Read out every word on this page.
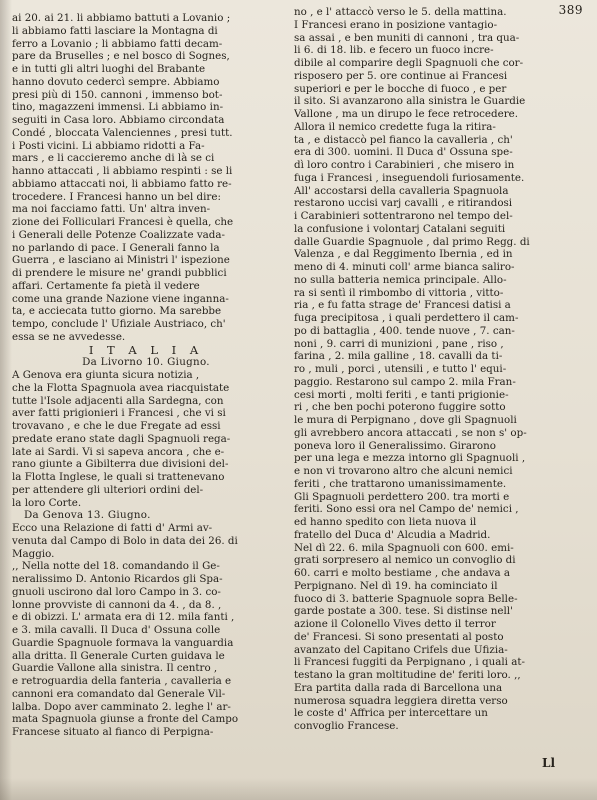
389
ai 20. ai 21. li abbiamo battuti a Lovanio ;
li abbiamo fatti lasciare la Montagna di
ferro a Lovanio ; li abbiamo fatti decam-
pare da Bruselles ; e nel bosco di Sognes,
e in tutti gli altri luoghi del Brabante
hanno dovuto cedercì sempre. Abbiamo
presi più di 150. cannoni , immenso bot-
tino, magazzeni immensi. Li abbiamo in-
seguiti in Casa loro. Abbiamo circondata
Condé , bloccata Valenciennes , presi tutt.
i Posti vicini. Li abbiamo ridotti a Fa-
mars , e li caccieremo anche di là se ci
hanno attaccati , li abbiamo respinti : se li
abbiamo attaccati noi, li abbiamo fatto re-
trocedere. I Francesi hanno un bel dire:
ma noi facciamo fatti. Un' altra inven-
zione dei Folliculari Francesi è quella, che
i Generali delle Potenze Coalizzate vada-
no parlando di pace. I Generali fanno la
Guerra , e lasciano ai Ministri l' ispezione
di prendere le misure ne' grandi pubblici
affari. Certamente fa pietà il vedere
come una grande Nazione viene inganna-
ta, e acciecata tutto giorno. Ma sarebbe
tempo, conclude l' Ufiziale Austriaco, ch'
essa se ne avvedesse.
I T A L I A
Da Livorno 10. Giugno.
A Genova era giunta sicura notizia ,
che la Flotta Spagnuola avea riacquistate
tutte l'Isole adjacenti alla Sardegna, con
aver fatti prigionieri i Francesi , che vi si
trovavano , e che le due Fregate ad essi
predate erano state dagli Spagnuoli rega-
late ai Sardi. Vi si sapeva ancora , che e-
rano giunte a Gibilterra due divisioni del-
la Flotta Inglese, le quali si trattenevano
per attendere gli ulteriori ordini del-
la loro Corte.
Da Genova 13. Giugno.
Ecco una Relazione di fatti d' Armi av-
venuta dal Campo di Bolo in data dei 26. di
Maggio.
,, Nella notte del 18. comandando il Ge-
neralissimo D. Antonio Ricardos gli Spa-
gnuoli uscirono dal loro Campo in 3. co-
lonne provviste di cannoni da 4. , da 8. ,
e di obizzi. L' armata era di 12. mila fanti ,
e 3. mila cavalli. Il Duca d' Ossuna colle
Guardie Spagnuole formava la vanguardia
alla dritta. Il Generale Curten guidava le
Guardie Vallone alla sinistra. Il centro ,
e retroguardia della fanteria , cavalleria e
cannoni era comandato dal Generale Vil-
lalba. Dopo aver camminato 2. leghe l' ar-
mata Spagnuola giunse a fronte del Campo
Francese situato al fianco di Perpigna-
no , e l' attaccò verso le 5. della mattina.
I Francesi erano in posizione vantagio-
sa assai , e ben muniti di cannoni , tra qua-
li 6. di 18. lib. e fecero un fuoco incre-
dibile al comparire degli Spagnuoli che cor-
risposero per 5. ore continue ai Francesi
superiori e per le bocche di fuoco , e per
il sito. Si avanzarono alla sinistra le Guardie
Vallone , ma un dirupo le fece retrocedere.
Allora il nemico credette fuga la ritira-
ta , e distaccò pel fianco la cavalleria , ch'
era di 300. uomini. Il Duca d' Ossuna spe-
dì loro contro i Carabinieri , che misero in
fuga i Francesi , inseguendoli furiosamente.
All' accostarsi della cavalleria Spagnuola
restarono uccisi varj cavalli , e ritirandosi
i Carabinieri sottentrarono nel tempo del-
la confusione i volontarj Catalani seguiti
dalle Guardie Spagnuole , dal primo Regg. di
Valenza , e dal Reggimento Ibernia , ed in
meno di 4. minuti coll' arme bianca saliro-
no sulla batteria nemica principale. Allo-
ra si sentì il rimbombo di vittoria , vitto-
ria , e fu fatta strage de' Francesi datisi a
fuga precipitosa , i quali perdettero il cam-
po di battaglia , 400. tende nuove , 7. can-
noni , 9. carri di munizioni , pane , riso ,
farina , 2. mila galline , 18. cavalli da ti-
ro , muli , porci , utensili , e tutto l' equi-
paggio. Restarono sul campo 2. mila Fran-
cesi morti , molti feriti , e tanti prigionie-
ri , che ben pochi poterono fuggire sotto
le mura di Perpignano , dove gli Spagnuoli
gli avrebbero ancora attaccati , se non s' op-
poneva loro il Generalissimo. Girarono
per una lega e mezza intorno gli Spagnuoli ,
e non vi trovarono altro che alcuni nemici
feriti , che trattarono umanissimamente.
Gli Spagnuoli perdettero 200. tra morti e
feriti. Sono essi ora nel Campo de' nemici ,
ed hanno spedito con lieta nuova il
fratello del Duca d' Alcudia a Madrid.
Nel dì 22. 6. mila Spagnuoli con 600. emi-
grati sorpresero al nemico un convoglio di
60. carri e molto bestiame , che andava a
Perpignano. Nel dì 19. ha cominciato il
fuoco di 3. batterie Spagnuole sopra Belle-
garde postate a 300. tese. Si distinse nell'
azione il Colonello Vives detto il terror
de' Francesi. Si sono presentati al posto
avanzato del Capitano Crifels due Ufizia-
li Francesi fuggiti da Perpignano , i quali at-
testano la gran moltitudine de' feriti loro. ,,
Era partita dalla rada di Barcellona una
numerosa squadra leggiera diretta verso
le coste d' Affrica per intercettare un
convoglio Francese.
Ll
